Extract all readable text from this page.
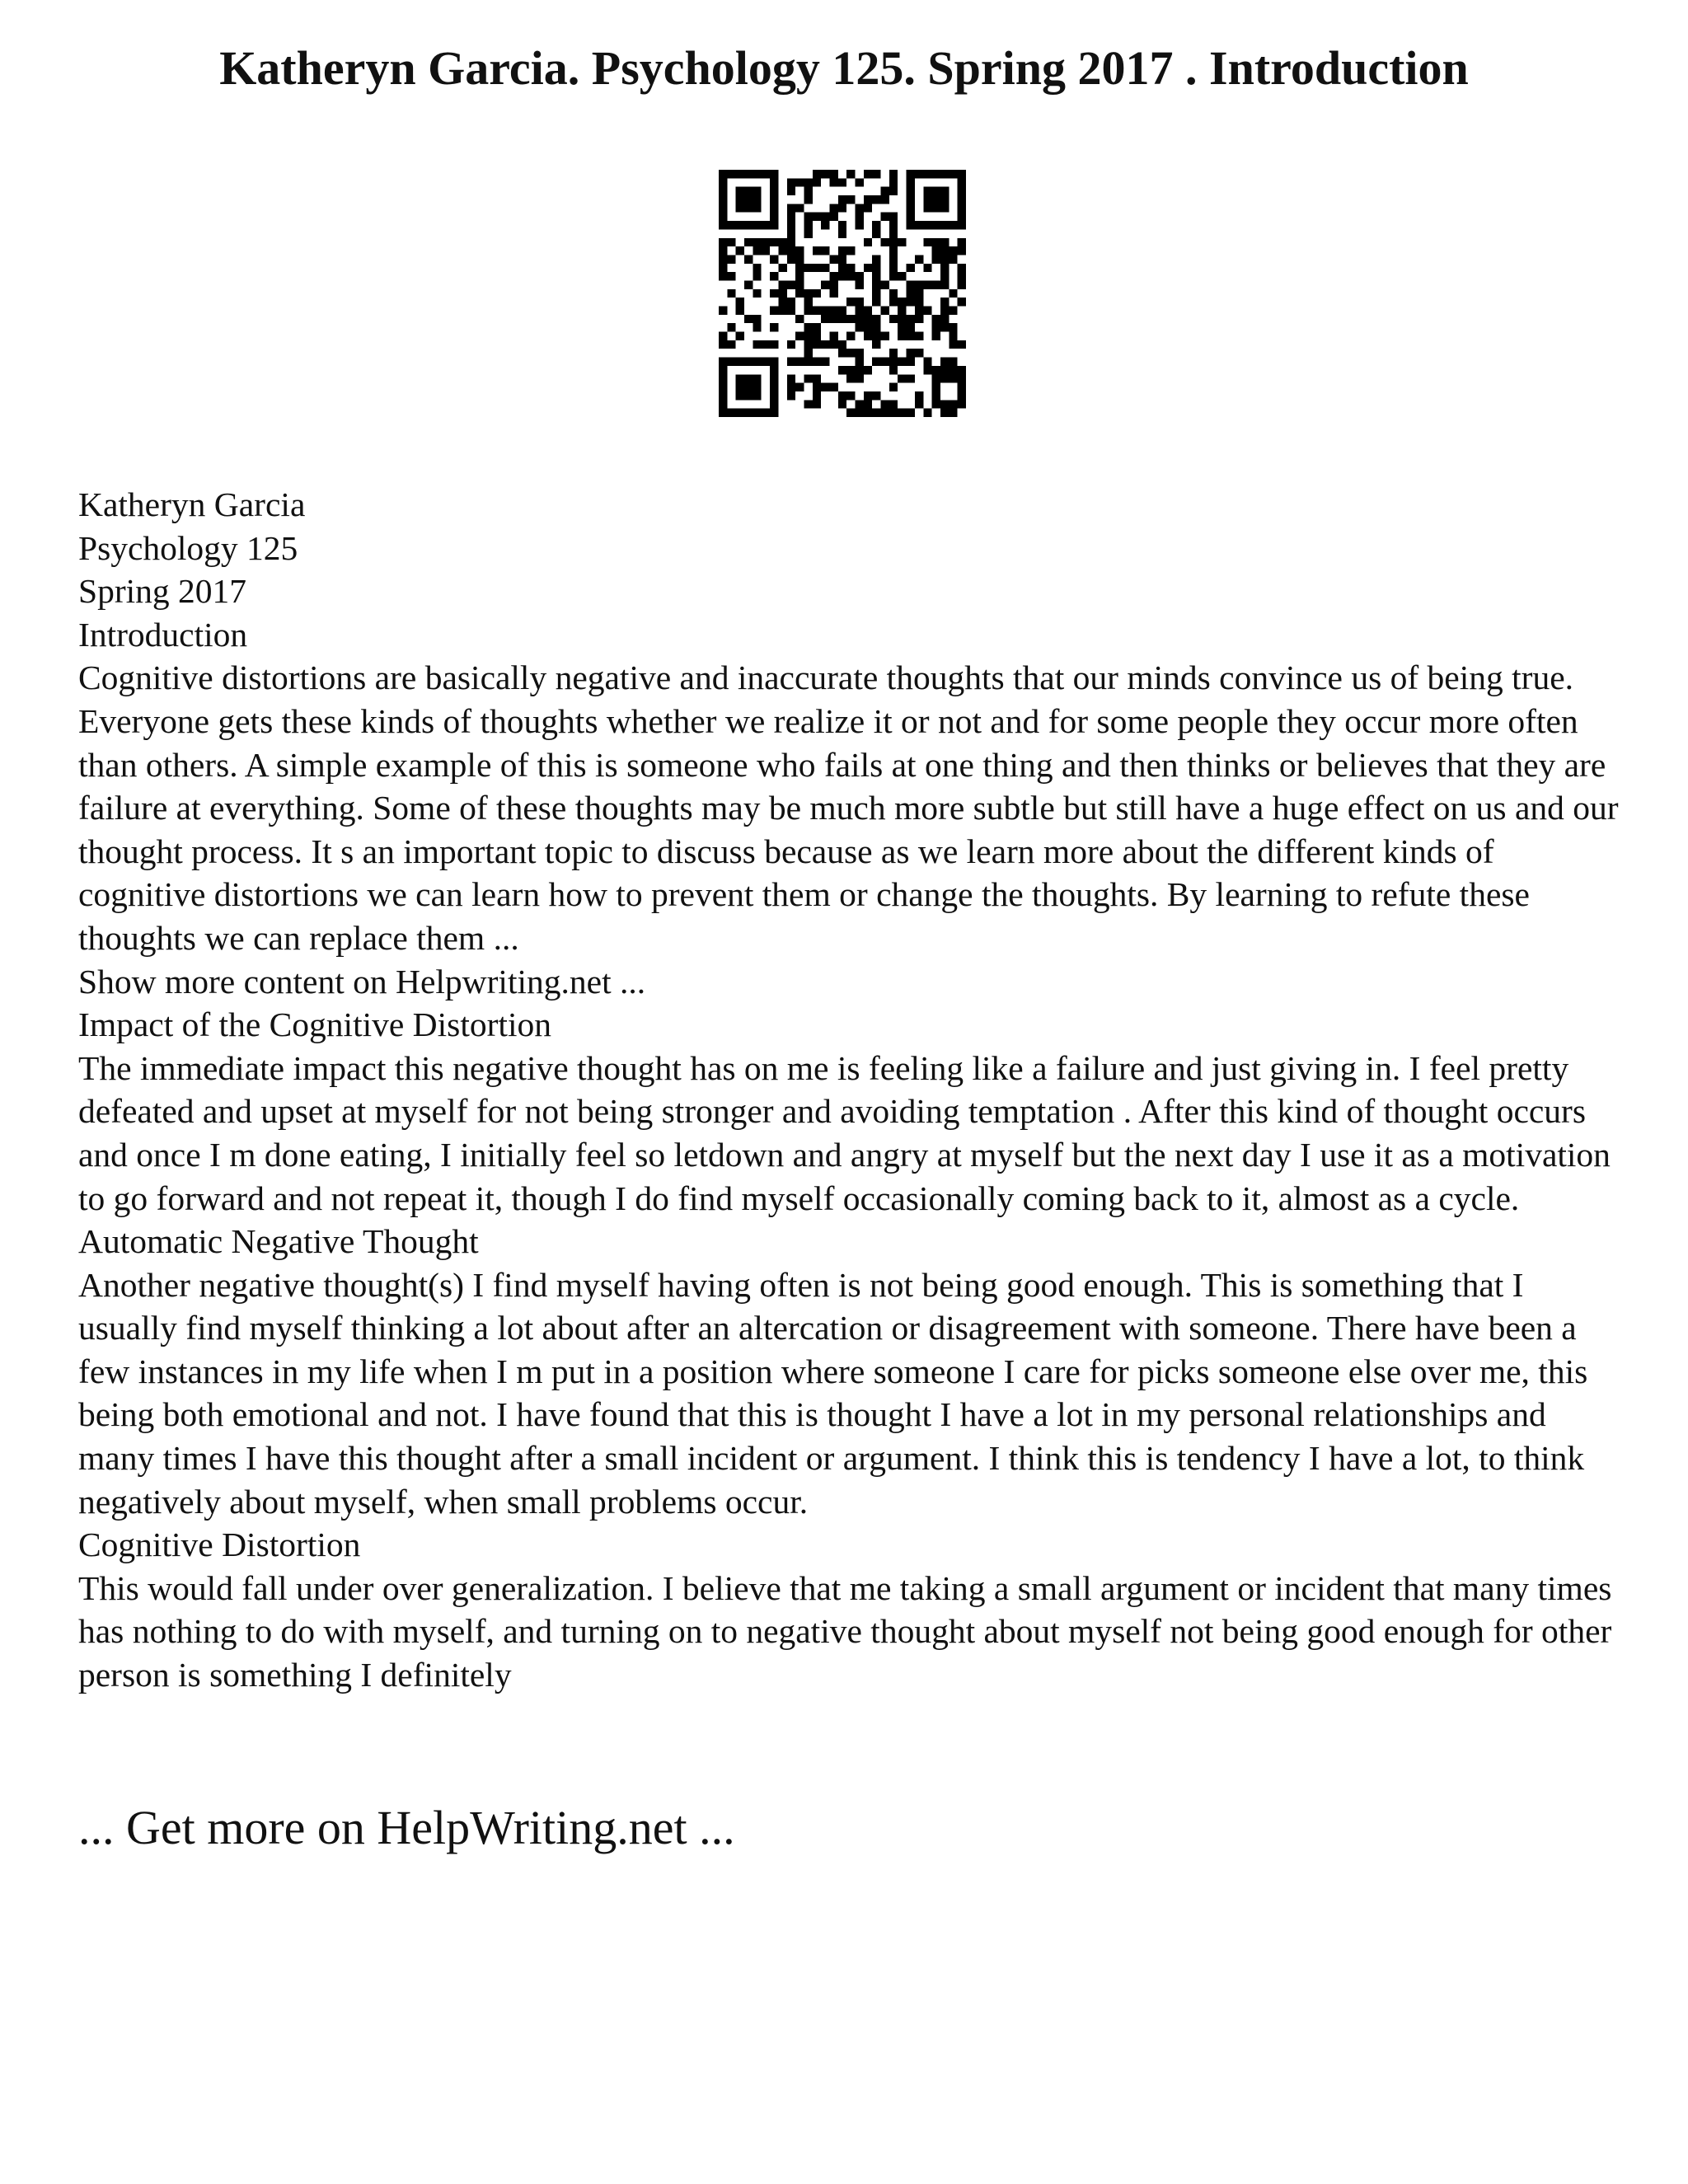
Katheryn Garcia. Psychology 125. Spring 2017 . Introduction
Katheryn Garcia
Psychology 125
Spring 2017
Introduction
Cognitive distortions are basically negative and inaccurate thoughts that our minds convince us of being true. Everyone gets these kinds of thoughts whether we realize it or not and for some people they occur more often than others. A simple example of this is someone who fails at one thing and then thinks or believes that they are failure at everything. Some of these thoughts may be much more subtle but still have a huge effect on us and our thought process. It s an important topic to discuss because as we learn more about the different kinds of cognitive distortions we can learn how to prevent them or change the thoughts. By learning to refute these thoughts we can replace them ...
Show more content on Helpwriting.net ...
Impact of the Cognitive Distortion
The immediate impact this negative thought has on me is feeling like a failure and just giving in. I feel pretty defeated and upset at myself for not being stronger and avoiding temptation . After this kind of thought occurs and once I m done eating, I initially feel so letdown and angry at myself but the next day I use it as a motivation to go forward and not repeat it, though I do find myself occasionally coming back to it, almost as a cycle.
Automatic Negative Thought
Another negative thought(s) I find myself having often is not being good enough. This is something that I usually find myself thinking a lot about after an altercation or disagreement with someone. There have been a few instances in my life when I m put in a position where someone I care for picks someone else over me, this being both emotional and not. I have found that this is thought I have a lot in my personal relationships and many times I have this thought after a small incident or argument. I think this is tendency I have a lot, to think negatively about myself, when small problems occur.
Cognitive Distortion
This would fall under over generalization. I believe that me taking a small argument or incident that many times has nothing to do with myself, and turning on to negative thought about myself not being good enough for other person is something I definitely
... Get more on HelpWriting.net ...
